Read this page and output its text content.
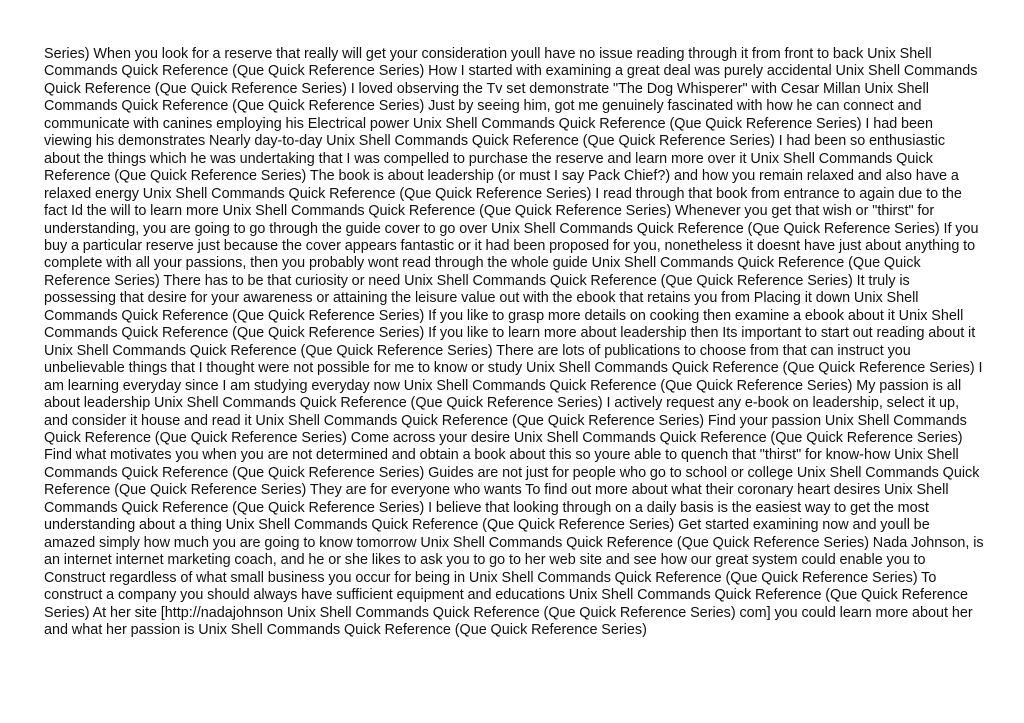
Series) When you look for a reserve that really will get your consideration youll have no issue reading through it from front to back Unix Shell Commands Quick Reference (Que Quick Reference Series) How I started with examining a great deal was purely accidental Unix Shell Commands Quick Reference (Que Quick Reference Series) I loved observing the Tv set demonstrate "The Dog Whisperer" with Cesar Millan Unix Shell Commands Quick Reference (Que Quick Reference Series) Just by seeing him, got me genuinely fascinated with how he can connect and communicate with canines employing his Electrical power Unix Shell Commands Quick Reference (Que Quick Reference Series) I had been viewing his demonstrates Nearly day-to-day Unix Shell Commands Quick Reference (Que Quick Reference Series) I had been so enthusiastic about the things which he was undertaking that I was compelled to purchase the reserve and learn more over it Unix Shell Commands Quick Reference (Que Quick Reference Series) The book is about leadership (or must I say Pack Chief?) and how you remain relaxed and also have a relaxed energy Unix Shell Commands Quick Reference (Que Quick Reference Series) I read through that book from entrance to again due to the fact Id the will to learn more Unix Shell Commands Quick Reference (Que Quick Reference Series) Whenever you get that wish or "thirst" for understanding, you are going to go through the guide cover to go over Unix Shell Commands Quick Reference (Que Quick Reference Series) If you buy a particular reserve just because the cover appears fantastic or it had been proposed for you, nonetheless it doesnt have just about anything to complete with all your passions, then you probably wont read through the whole guide Unix Shell Commands Quick Reference (Que Quick Reference Series) There has to be that curiosity or need Unix Shell Commands Quick Reference (Que Quick Reference Series) It truly is possessing that desire for your awareness or attaining the leisure value out with the ebook that retains you from Placing it down Unix Shell Commands Quick Reference (Que Quick Reference Series) If you like to grasp more details on cooking then examine a ebook about it Unix Shell Commands Quick Reference (Que Quick Reference Series) If you like to learn more about leadership then Its important to start out reading about it Unix Shell Commands Quick Reference (Que Quick Reference Series) There are lots of publications to choose from that can instruct you unbelievable things that I thought were not possible for me to know or study Unix Shell Commands Quick Reference (Que Quick Reference Series) I am learning everyday since I am studying everyday now Unix Shell Commands Quick Reference (Que Quick Reference Series) My passion is all about leadership Unix Shell Commands Quick Reference (Que Quick Reference Series) I actively request any e-book on leadership, select it up, and consider it house and read it Unix Shell Commands Quick Reference (Que Quick Reference Series) Find your passion Unix Shell Commands Quick Reference (Que Quick Reference Series) Come across your desire Unix Shell Commands Quick Reference (Que Quick Reference Series) Find what motivates you when you are not determined and obtain a book about this so youre able to quench that "thirst" for know-how Unix Shell Commands Quick Reference (Que Quick Reference Series) Guides are not just for people who go to school or college Unix Shell Commands Quick Reference (Que Quick Reference Series) They are for everyone who wants To find out more about what their coronary heart desires Unix Shell Commands Quick Reference (Que Quick Reference Series) I believe that looking through on a daily basis is the easiest way to get the most understanding about a thing Unix Shell Commands Quick Reference (Que Quick Reference Series) Get started examining now and youll be amazed simply how much you are going to know tomorrow Unix Shell Commands Quick Reference (Que Quick Reference Series) Nada Johnson, is an internet internet marketing coach, and he or she likes to ask you to go to her web site and see how our great system could enable you to Construct regardless of what small business you occur for being in Unix Shell Commands Quick Reference (Que Quick Reference Series) To construct a company you should always have sufficient equipment and educations Unix Shell Commands Quick Reference (Que Quick Reference Series) At her site [http://nadajohnson Unix Shell Commands Quick Reference (Que Quick Reference Series) com] you could learn more about her and what her passion is Unix Shell Commands Quick Reference (Que Quick Reference Series)
